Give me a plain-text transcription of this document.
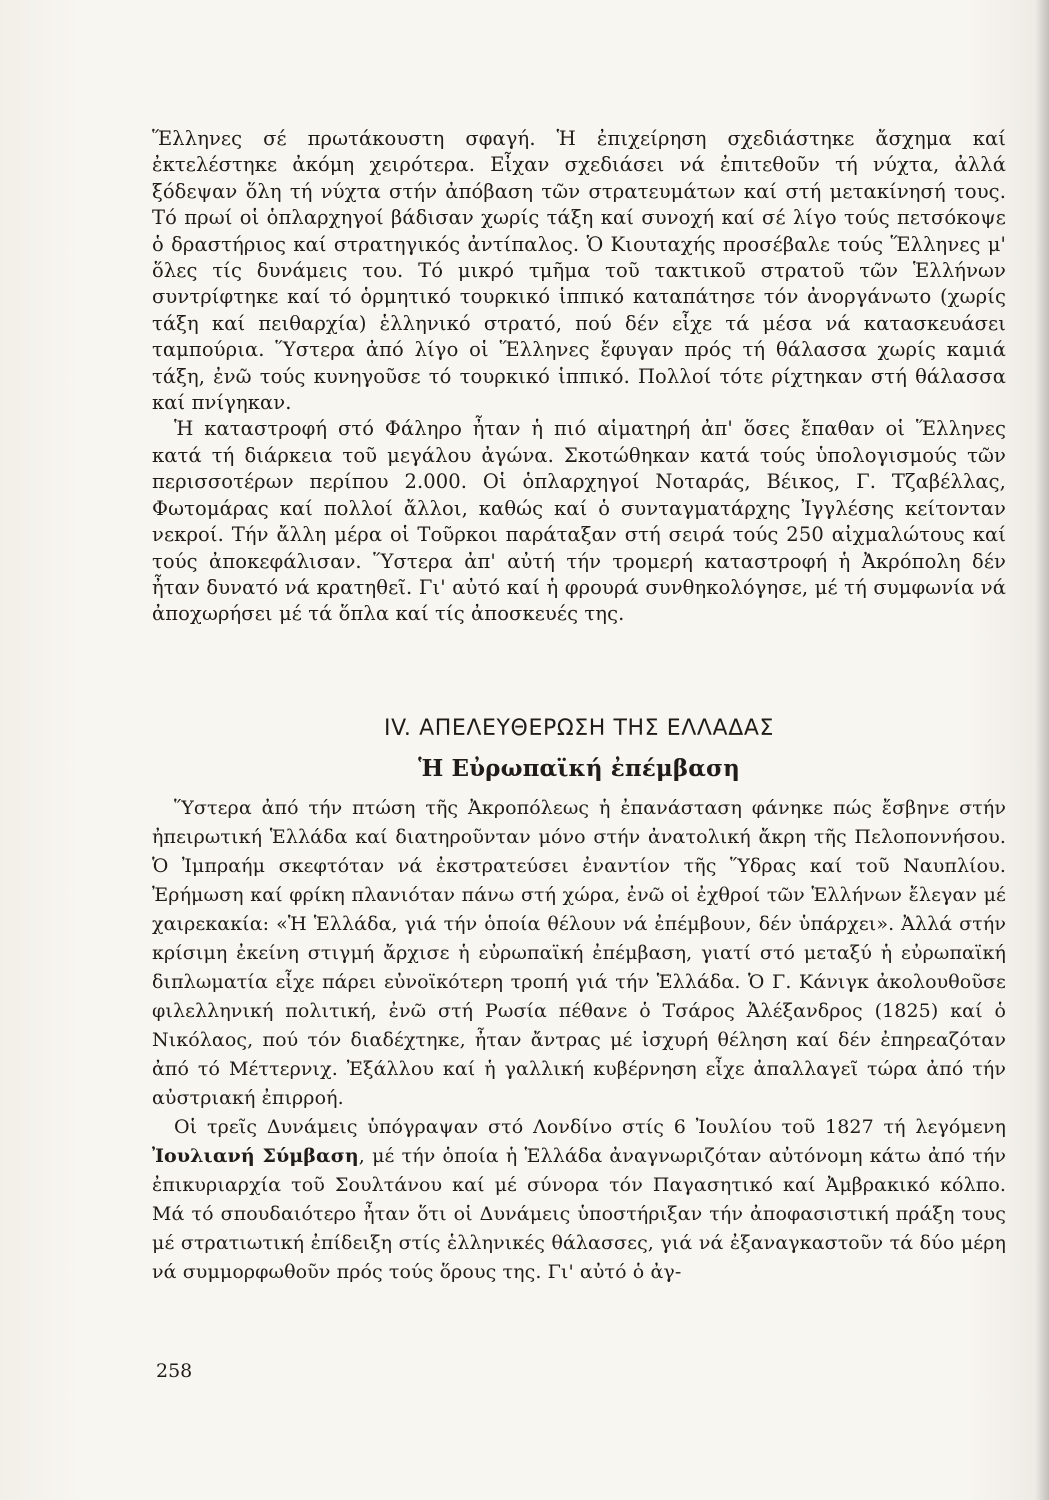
Ἕλληνες σέ πρωτάκουστη σφαγή. Ἡ ἐπιχείρηση σχεδιάστηκε ἄσχημα καί ἐκτελέστηκε ἀκόμη χειρότερα. Εἶχαν σχεδιάσει νά ἐπιτεθοῦν τή νύχτα, ἀλλά ξόδεψαν ὅλη τή νύχτα στήν ἀπόβαση τῶν στρατευμάτων καί στή μετακίνησή τους. Τό πρωί οἱ ὁπλαρχηγοί βάδισαν χωρίς τάξη καί συνοχή καί σέ λίγο τούς πετσόκοψε ὁ δραστήριος καί στρατηγικός ἀντίπαλος. Ὁ Κιουταχής προσέβαλε τούς Ἕλληνες μ' ὅλες τίς δυνάμεις του. Τό μικρό τμῆμα τοῦ τακτικοῦ στρατοῦ τῶν Ἑλλήνων συντρίφτηκε καί τό ὁρμητικό τουρκικό ἱππικό καταπάτησε τόν ἀνοργάνωτο (χωρίς τάξη καί πειθαρχία) ἑλληνικό στρατό, πού δέν εἶχε τά μέσα νά κατασκευάσει ταμπούρια. Ὕστερα ἀπό λίγο οἱ Ἕλληνες ἔφυγαν πρός τή θάλασσα χωρίς καμιά τάξη, ἐνῶ τούς κυνηγοῦσε τό τουρκικό ἱππικό. Πολλοί τότε ρίχτηκαν στή θάλασσα καί πνίγηκαν.

Ἡ καταστροφή στό Φάληρο ἦταν ἡ πιό αἱματηρή ἀπ' ὅσες ἔπαθαν οἱ Ἕλληνες κατά τή διάρκεια τοῦ μεγάλου ἀγώνα. Σκοτώθηκαν κατά τούς ὑπολογισμούς τῶν περισσοτέρων περίπου 2.000. Οἱ ὁπλαρχηγοί Νοταράς, Βέικος, Γ. Τζαβέλλας, Φωτομάρας καί πολλοί ἄλλοι, καθώς καί ὁ συνταγματάρχης Ἰγγλέσης κείτονταν νεκροί. Τήν ἄλλη μέρα οἱ Τοῦρκοι παράταξαν στή σειρά τούς 250 αἰχμαλώτους καί τούς ἀποκεφάλισαν. Ὕστερα ἀπ' αὐτή τήν τρομερή καταστροφή ἡ Ἀκρόπολη δέν ἦταν δυνατό νά κρατηθεῖ. Γι' αὐτό καί ἡ φρουρά συνθηκολόγησε, μέ τή συμφωνία νά ἀποχωρήσει μέ τά ὅπλα καί τίς ἀποσκευές της.

IV. ΑΠΕΛΕΥΘΕΡΩΣΗ ΤΗΣ ΕΛΛΑΔΑΣ
Ἡ Εὐρωπαϊκή ἐπέμβαση

Ὕστερα ἀπό τήν πτώση τῆς Ἀκροπόλεως ἡ ἐπανάσταση φάνηκε πώς ἔσβηνε στήν ἠπειρωτική Ἑλλάδα καί διατηροῦνταν μόνο στήν ἀνατολική ἄκρη τῆς Πελοποννήσου. Ὁ Ἰμπραήμ σκεφτόταν νά ἐκστρατεύσει ἐναντίον τῆς Ὕδρας καί τοῦ Ναυπλίου. Ἐρήμωση καί φρίκη πλανιόταν πάνω στή χώρα, ἐνῶ οἱ ἐχθροί τῶν Ἑλλήνων ἔλεγαν μέ χαιρεκακία: «Ἡ Ἑλλάδα, γιά τήν ὁποία θέλουν νά ἐπέμβουν, δέν ὑπάρχει». Ἀλλά στήν κρίσιμη ἐκείνη στιγμή ἄρχισε ἡ εὐρωπαϊκή ἐπέμβαση, γιατί στό μεταξύ ἡ εὐρωπαϊκή διπλωματία εἶχε πάρει εὐνοϊκότερη τροπή γιά τήν Ἑλλάδα. Ὁ Γ. Κάνιγκ ἀκολουθοῦσε φιλελληνική πολιτική, ἐνῶ στή Ρωσία πέθανε ὁ Τσάρος Ἀλέξανδρος (1825) καί ὁ Νικόλαος, πού τόν διαδέχτηκε, ἦταν ἄντρας μέ ἰσχυρή θέληση καί δέν ἐπηρεαζόταν ἀπό τό Μέττερνιχ. Ἐξάλλου καί ἡ γαλλική κυβέρνηση εἶχε ἀπαλλαγεῖ τώρα ἀπό τήν αὐστριακή ἐπιρροή.

Οἱ τρεῖς Δυνάμεις ὑπόγραψαν στό Λονδίνο στίς 6 Ἰουλίου τοῦ 1827 τή λεγόμενη Ἰουλιανή Σύμβαση, μέ τήν ὁποία ἡ Ἑλλάδα ἀναγνωριζόταν αὐτόνομη κάτω ἀπό τήν ἐπικυριαρχία τοῦ Σουλτάνου καί μέ σύνορα τόν Παγασητικό καί Ἀμβρακικό κόλπο. Μά τό σπουδαιότερο ἦταν ὅτι οἱ Δυνάμεις ὑποστήριξαν τήν ἀποφασιστική πράξη τους μέ στρατιωτική ἐπίδειξη στίς ἑλληνικές θάλασσες, γιά νά ἐξαναγκαστοῦν τά δύο μέρη νά συμμορφωθοῦν πρός τούς ὅρους της. Γι' αὐτό ὁ ἀγ-

258
